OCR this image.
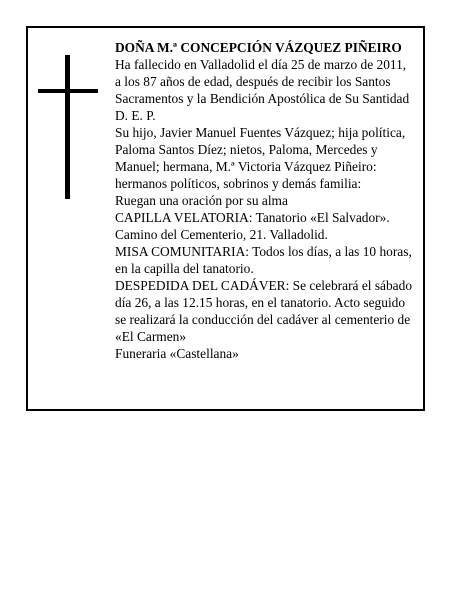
DOÑA M.ª CONCEPCIÓN VÁZQUEZ PIÑEIRO

Ha fallecido en Valladolid el día 25 de marzo de 2011,

a los 87 años de edad, después de recibir los Santos

Sacramentos y la Bendición Apostólica de Su Santidad

D. E. P.

Su hijo, Javier Manuel Fuentes Vázquez; hija política,

Paloma Santos Díez; nietos, Paloma, Mercedes y

Manuel; hermana, M.ª Victoria Vázquez Piñeiro:

hermanos políticos, sobrinos y demás familia:

Ruegan una oración por su alma

CAPILLA VELATORIA: Tanatorio «El Salvador».

Camino del Cementerio, 21. Valladolid.

MISA COMUNITARIA: Todos los días, a las 10 horas,

en la capilla del tanatorio.

DESPEDIDA DEL CADÁVER: Se celebrará el sábado

día 26, a las 12.15 horas, en el tanatorio. Acto seguido

se realizará la conducción del cadáver al cementerio de

«El Carmen»

Funeraria «Castellana»
